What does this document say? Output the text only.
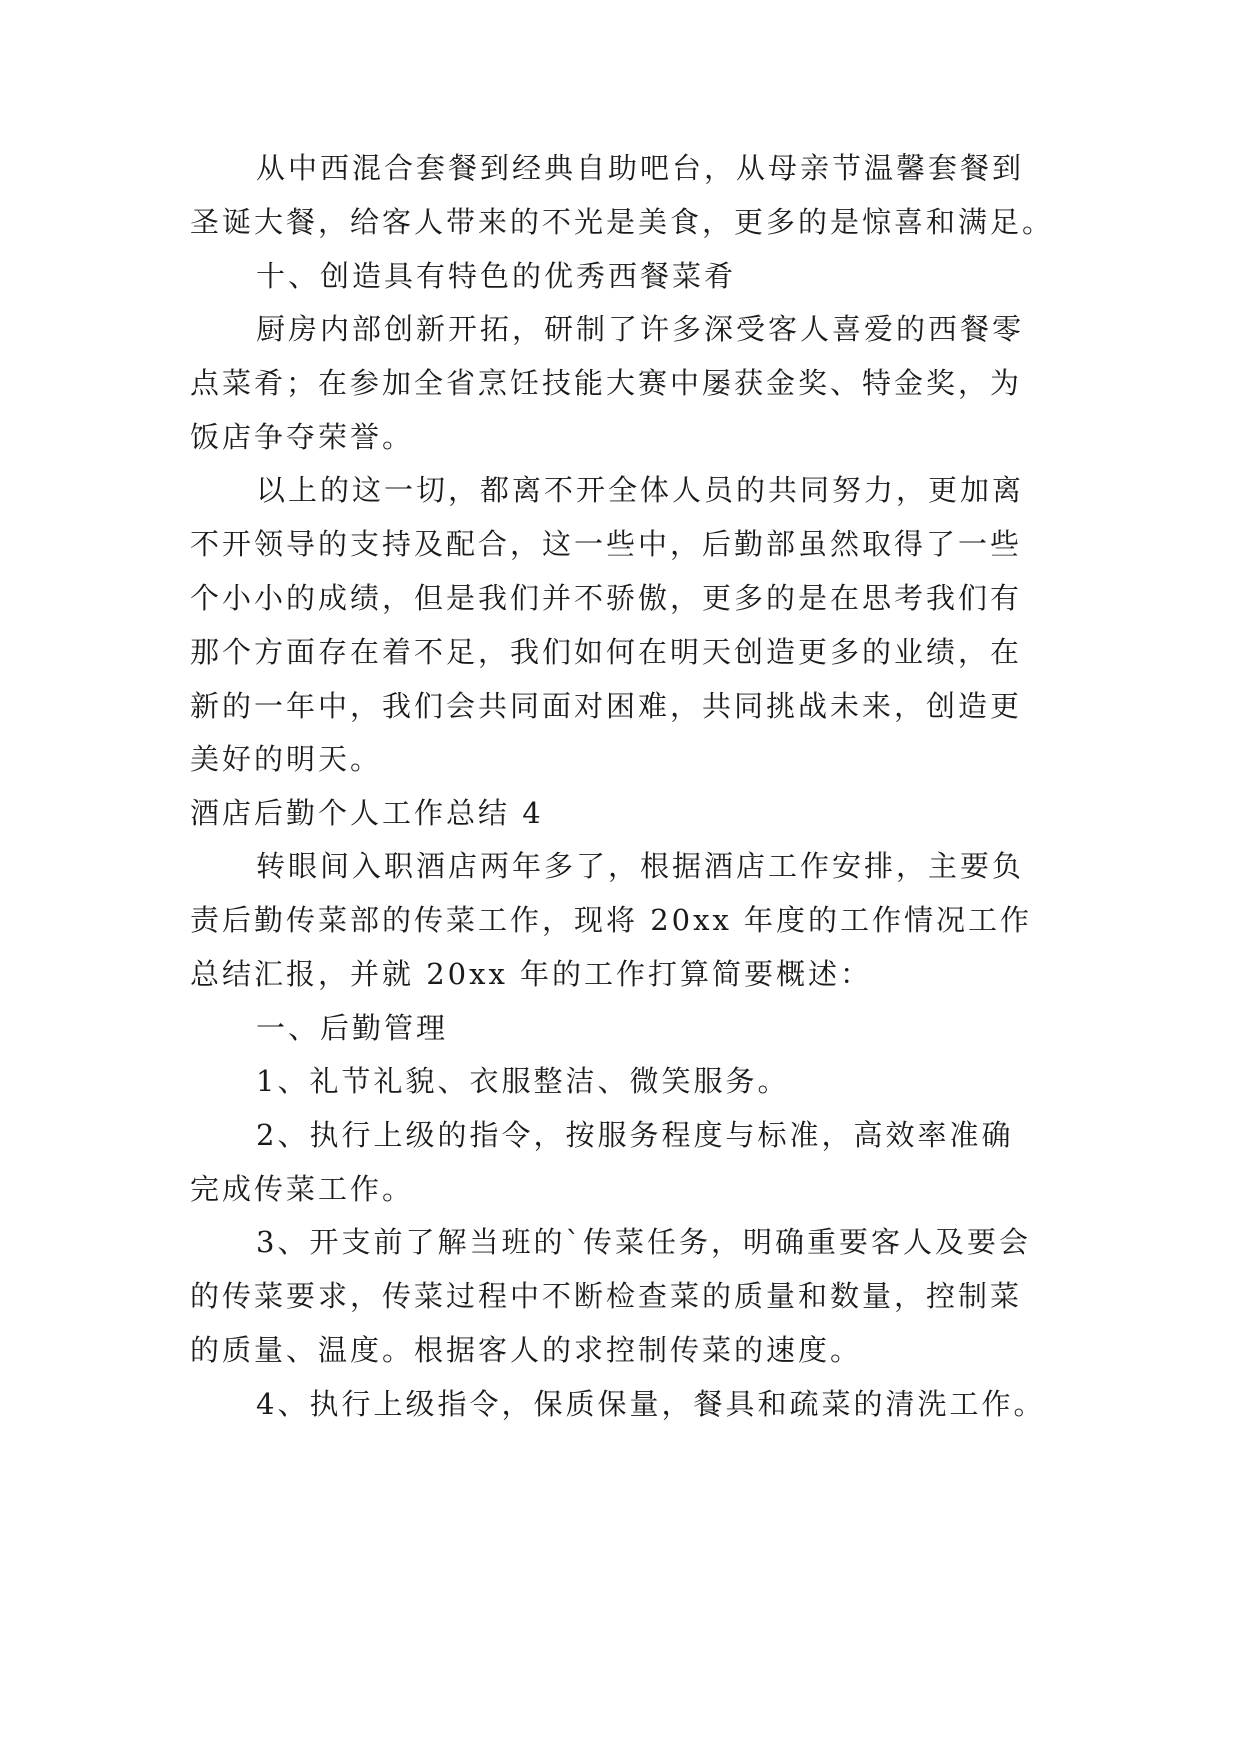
从中西混合套餐到经典自助吧台，从母亲节温馨套餐到
圣诞大餐，给客人带来的不光是美食，更多的是惊喜和满足。
十、创造具有特色的优秀西餐菜肴
厨房内部创新开拓，研制了许多深受客人喜爱的西餐零
点菜肴；在参加全省烹饪技能大赛中屡获金奖、特金奖，为
饭店争夺荣誉。
以上的这一切，都离不开全体人员的共同努力，更加离
不开领导的支持及配合，这一些中，后勤部虽然取得了一些
个小小的成绩，但是我们并不骄傲，更多的是在思考我们有
那个方面存在着不足，我们如何在明天创造更多的业绩，在
新的一年中，我们会共同面对困难，共同挑战未来，创造更
美好的明天。
酒店后勤个人工作总结 4
转眼间入职酒店两年多了，根据酒店工作安排，主要负
责后勤传菜部的传菜工作，现将 20xx 年度的工作情况工作
总结汇报，并就 20xx 年的工作打算简要概述：
一、后勤管理
1、礼节礼貌、衣服整洁、微笑服务。
2、执行上级的指令，按服务程度与标准，高效率准确
完成传菜工作。
3、开支前了解当班的`传菜任务，明确重要客人及要会
的传菜要求，传菜过程中不断检查菜的质量和数量，控制菜
的质量、温度。根据客人的求控制传菜的速度。
4、执行上级指令，保质保量，餐具和疏菜的清洗工作。
